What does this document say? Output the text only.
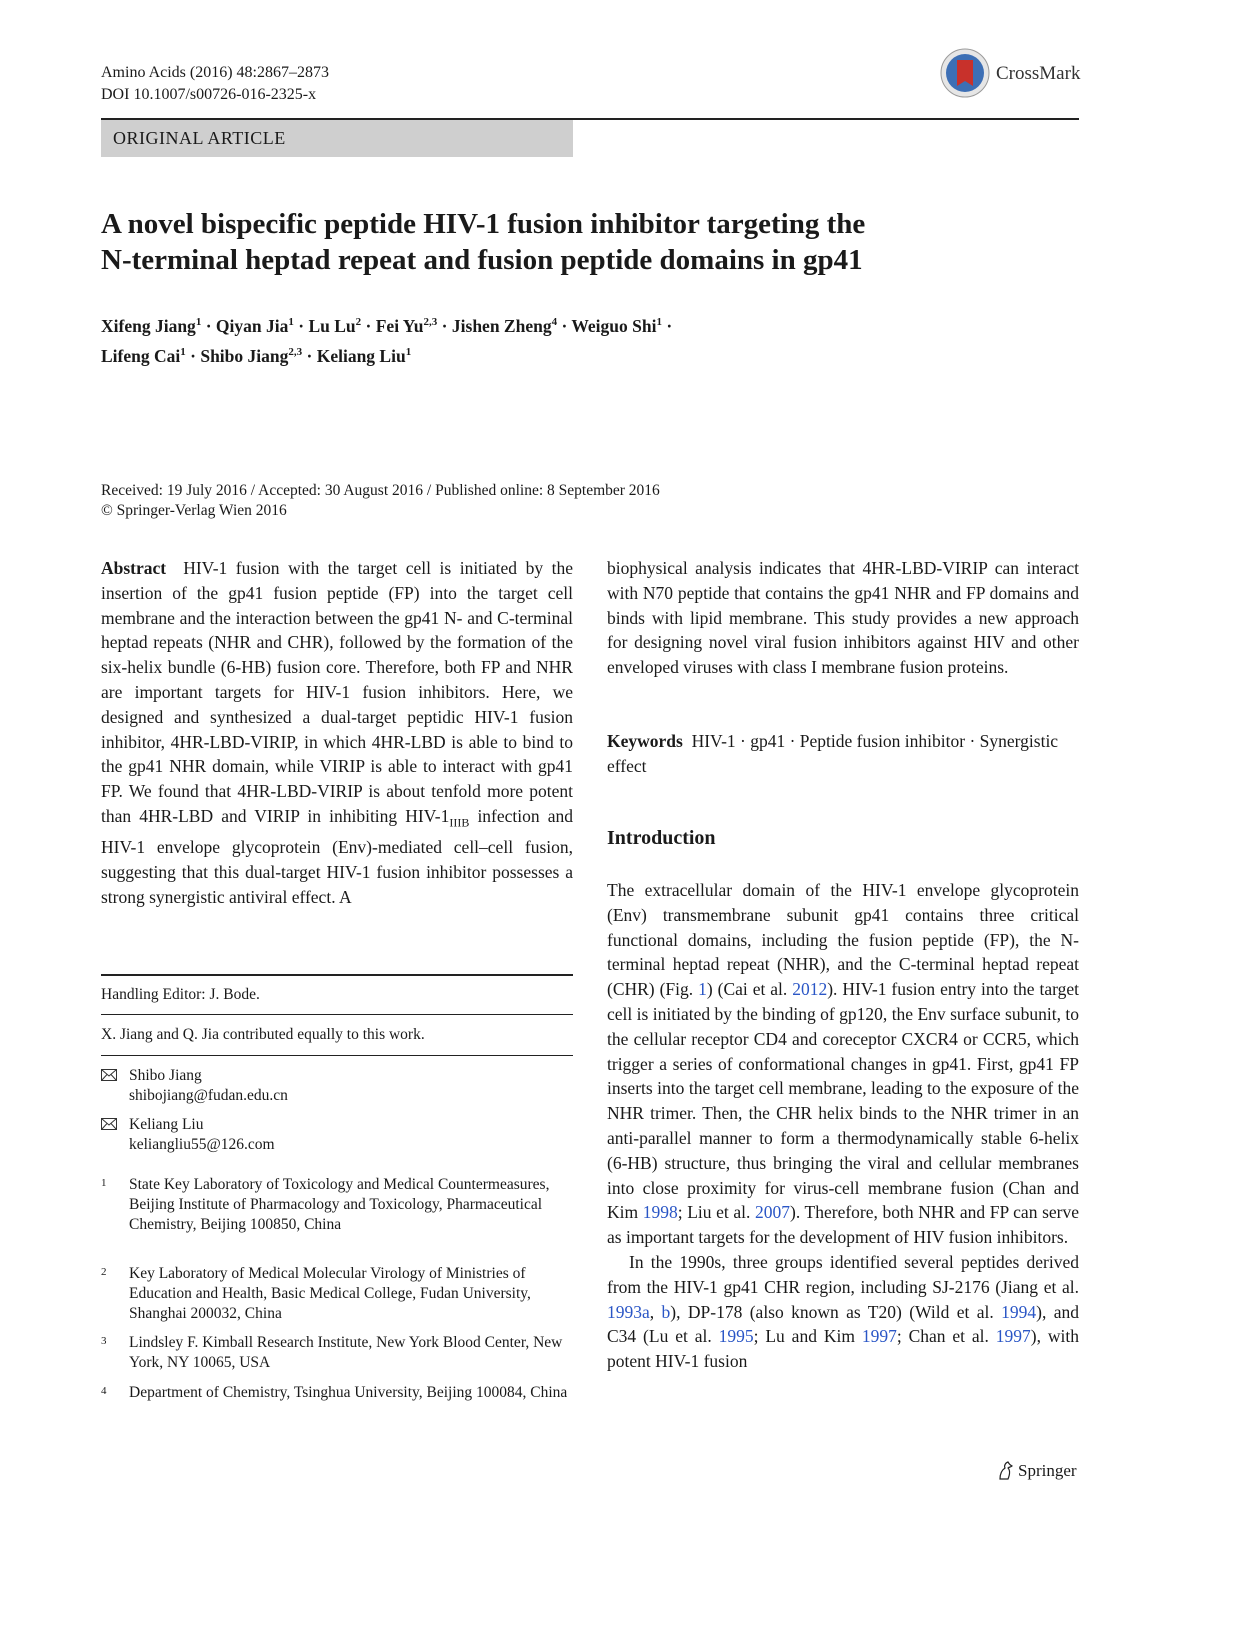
Amino Acids (2016) 48:2867–2873
DOI 10.1007/s00726-016-2325-x
CrossMark
ORIGINAL ARTICLE
A novel bispecific peptide HIV-1 fusion inhibitor targeting the
N-terminal heptad repeat and fusion peptide domains in gp41
Xifeng Jiang$^1$ · Qiyan Jia$^1$ · Lu $Lu^2$ · Fei Yu$^{2,3}$ · Jishen Zheng$^4$ · Weiguo Shi$^1$ ·
Lifeng Cai$^1$ · Shibo Jiang$^{2,3}$ · Keliang Liu$^1$
Received: 19 July 2016 / Accepted: 30 August 2016 / Published online: 8 September 2016
© Springer-Verlag Wien 2016

Abstract HIV-1 fusion with the target cell is initiated by the insertion of the gp41 fusion peptide (FP) into the target cell membrane and the interaction between the gp41 N- and C-terminal heptad repeats (NHR and CHR), followed by the formation of the six-helix bundle (6-HB) fusion core. Therefore, both FP and NHR are important targets for HIV-1 fusion inhibitors. Here, we designed and synthesized a dual-target peptidic HIV-1 fusion inhibitor, 4HR-LBD-VIRIP, in which 4HR-LBD is able to bind to the gp41 NHR domain, while VIRIP is able to interact with gp41 FP. We found that 4HR-LBD-VIRIP is about tenfold more potent than 4HR-LBD and VIRIP in inhibiting HIV-$1_{IIIB}$ infection and HIV-1 envelope glycoprotein (Env)-mediated cell–cell fusion, suggesting that this dual-target HIV-1 fusion inhibitor possesses a strong synergistic antiviral effect. A

Handling Editor: J. Bode.
X. Jiang and Q. Jia contributed equally to this work.
Shibo Jiang
shibojiang@fudan.edu.cn
Keliang Liu
keliangliu55@126.com
1 State Key Laboratory of Toxicology and Medical Countermeasures, Beijing Institute of Pharmacology and Toxicology, Pharmaceutical Chemistry, Beijing 100850, China
2 Key Laboratory of Medical Molecular Virology of Ministries of Education and Health, Basic Medical College, Fudan University, Shanghai 200032, China
3 Lindsley F. Kimball Research Institute, New York Blood Center, New York, NY 10065, USA
4 Department of Chemistry, Tsinghua University, Beijing 100084, China

biophysical analysis indicates that 4HR-LBD-VIRIP can interact with N70 peptide that contains the gp41 NHR and FP domains and binds with lipid membrane. This study provides a new approach for designing novel viral fusion inhibitors against HIV and other enveloped viruses with class I membrane fusion proteins.

Keywords HIV-1 · gp41 · Peptide fusion inhibitor · Synergistic effect
Introduction

The extracellular domain of the HIV-1 envelope glycoprotein (Env) transmembrane subunit gp41 contains three critical functional domains, including the fusion peptide (FP), the N-terminal heptad repeat (NHR), and the C-terminal heptad repeat (CHR) (Fig. 1) (Cai et al. 2012). HIV-1 fusion entry into the target cell is initiated by the binding of gp120, the Env surface subunit, to the cellular receptor CD4 and coreceptor CXCR4 or CCR5, which trigger a series of conformational changes in gp41. First, gp41 FP inserts into the target cell membrane, leading to the exposure of the NHR trimer. Then, the CHR helix binds to the NHR trimer in an anti-parallel manner to form a thermodynamically stable 6-helix (6-HB) structure, thus bringing the viral and cellular membranes into close proximity for virus-cell membrane fusion (Chan and Kim 1998; Liu et al. 2007). Therefore, both NHR and FP can serve as important targets for the development of HIV fusion inhibitors.

In the 1990s, three groups identified several peptides derived from the HIV-1 gp41 CHR region, including SJ-2176 (Jiang et al. 1993a, b), DP-178 (also known as T20) (Wild et al. 1994), and C34 (Lu et al. 1995; Lu and Kim 1997; Chan et al. 1997), with potent HIV-1 fusion

Springer
